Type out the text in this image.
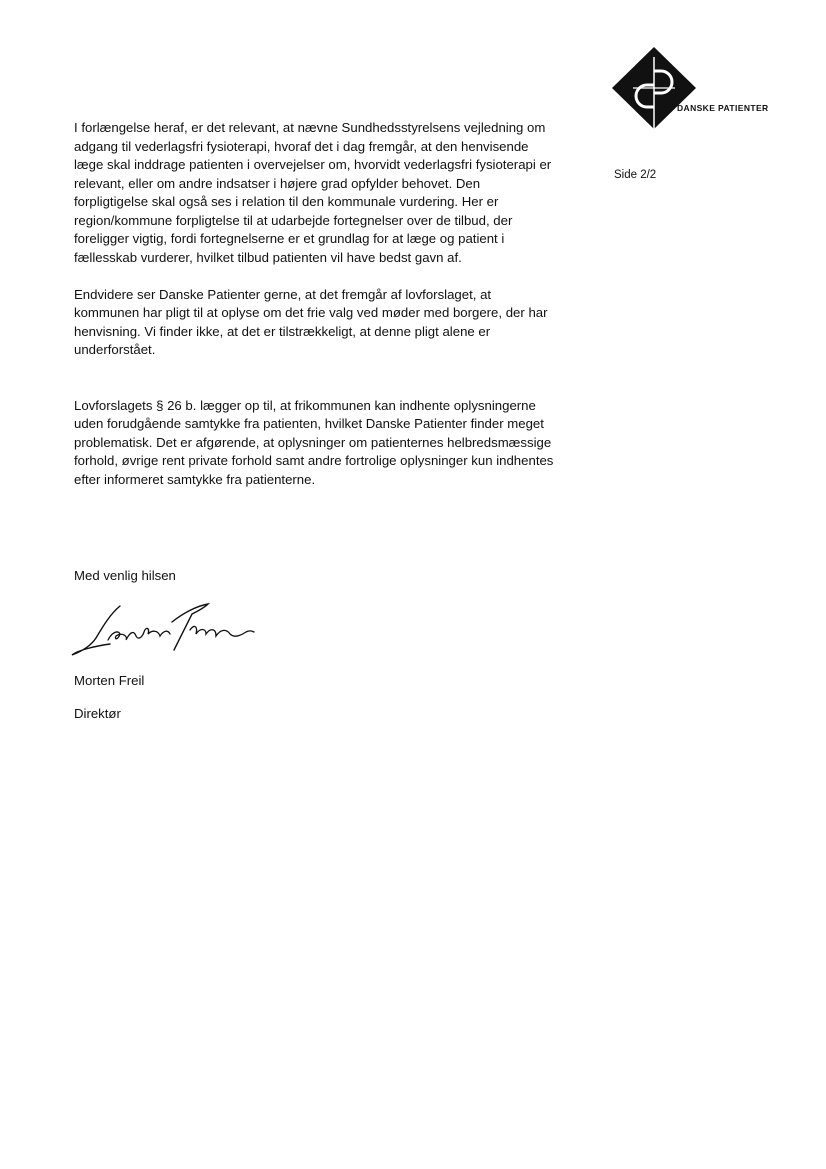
DANSKE PATIENTER
Side 2/2

I forlængelse heraf, er det relevant, at nævne Sundhedsstyrelsens vejledning om adgang til vederlagsfri fysioterapi, hvoraf det i dag fremgår, at den henvisende læge skal inddrage patienten i overvejelser om, hvorvidt vederlagsfri fysioterapi er relevant, eller om andre indsatser i højere grad opfylder behovet. Den forpligtigelse skal også ses i relation til den kommunale vurdering. Her er region/kommune forpligtelse til at udarbejde fortegnelser over de tilbud, der foreligger vigtig, fordi fortegnelserne er et grundlag for at læge og patient i fællesskab vurderer, hvilket tilbud patienten vil have bedst gavn af.

Endvidere ser Danske Patienter gerne, at det fremgår af lovforslaget, at kommunen har pligt til at oplyse om det frie valg ved møder med borgere, der har henvisning. Vi finder ikke, at det er tilstrækkeligt, at denne pligt alene er underforstået.

Lovforslagets § 26 b. lægger op til, at frikommunen kan indhente oplysningerne uden forudgående samtykke fra patienten, hvilket Danske Patienter finder meget problematisk. Det er afgørende, at oplysninger om patienternes helbredsmæssige forhold, øvrige rent private forhold samt andre fortrolige oplysninger kun indhentes efter informeret samtykke fra patienterne.

Med venlig hilsen
Morten Freil
Direktør
